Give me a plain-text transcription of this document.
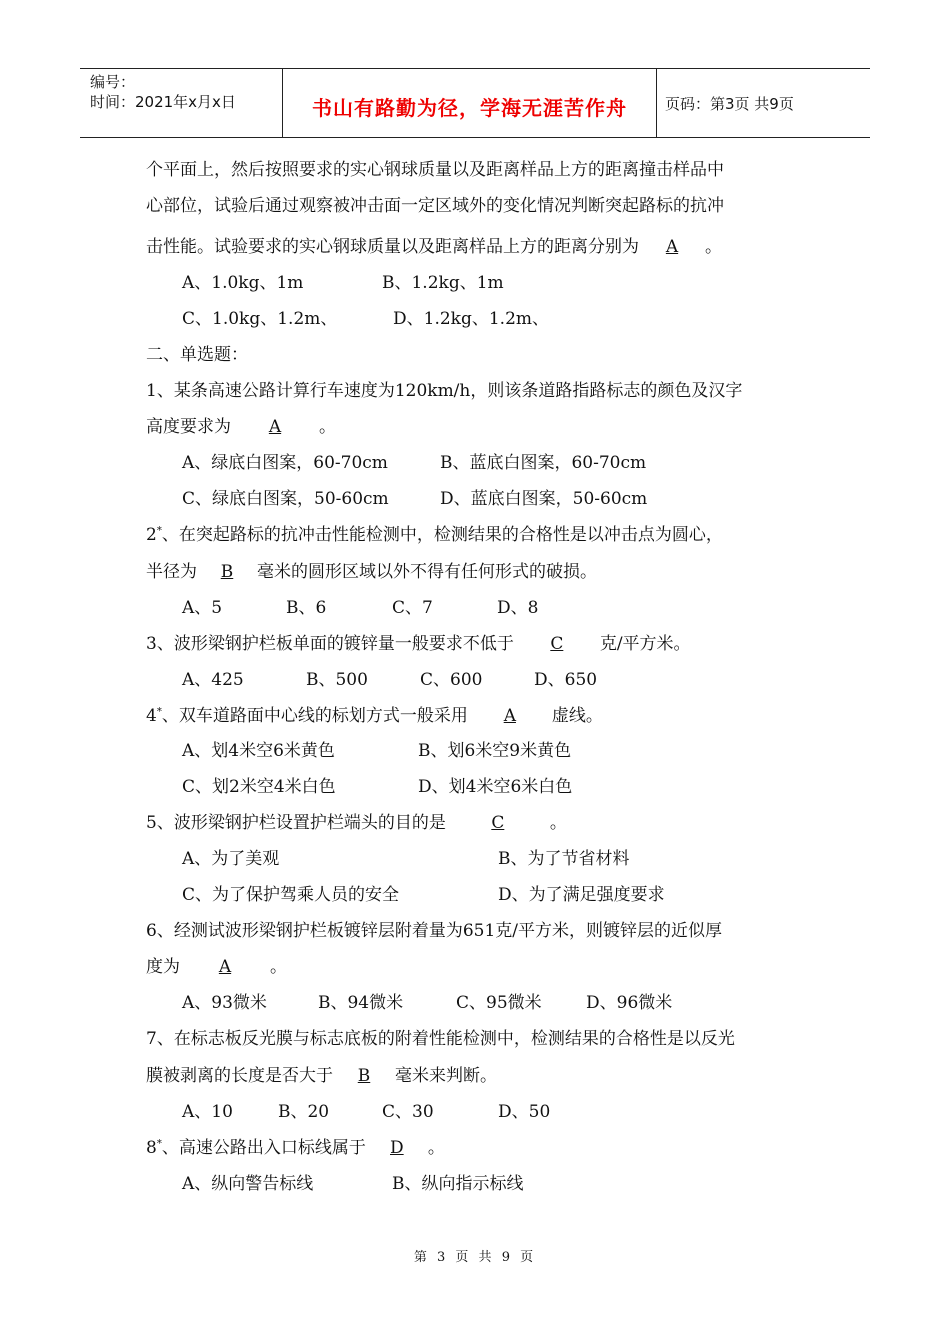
编号：
时间：2021年x月x日	书山有路勤为径，学海无涯苦作舟	页码：第3页 共9页
个平面上，然后按照要求的实心钢球质量以及距离样品上方的距离撞击样品中
心部位，试验后通过观察被冲击面一定区域外的变化情况判断突起路标的抗冲
击性能。试验要求的实心钢球质量以及距离样品上方的距离分别为 A 。
A、1.0kg、1m	B、1.2kg、1m
C、1.0kg、1.2m、	D、1.2kg、1.2m、
二、单选题：
1、某条高速公路计算行车速度为120km/h，则该条道路指路标志的颜色及汉字
高度要求为 A 。
A、绿底白图案，60-70cm	B、蓝底白图案，60-70cm
C、绿底白图案，50-60cm	D、蓝底白图案，50-60cm
2*、在突起路标的抗冲击性能检测中，检测结果的合格性是以冲击点为圆心，
半径为 B 毫米的圆形区域以外不得有任何形式的破损。
A、5	B、6	C、7	D、8
3、波形梁钢护栏板单面的镀锌量一般要求不低于 C 克/平方米。
A、425	B、500	C、600	D、650
4*、双车道路面中心线的标划方式一般采用 A 虚线。
A、划4米空6米黄色	B、划6米空9米黄色
C、划2米空4米白色	D、划4米空6米白色
5、波形梁钢护栏设置护栏端头的目的是	C	。
A、为了美观	B、为了节省材料
C、为了保护驾乘人员的安全	D、为了满足强度要求
6、经测试波形梁钢护栏板镀锌层附着量为651克/平方米，则镀锌层的近似厚
度为 A 。
A、93微米	B、94微米	C、95微米	D、96微米
7、在标志板反光膜与标志底板的附着性能检测中，检测结果的合格性是以反光
膜被剥离的长度是否大于 B 毫米来判断。
A、10	B、20	C、30	D、50
8*、高速公路出入口标线属于 D 。
A、纵向警告标线	B、纵向指示标线
第 3 页 共 9 页
